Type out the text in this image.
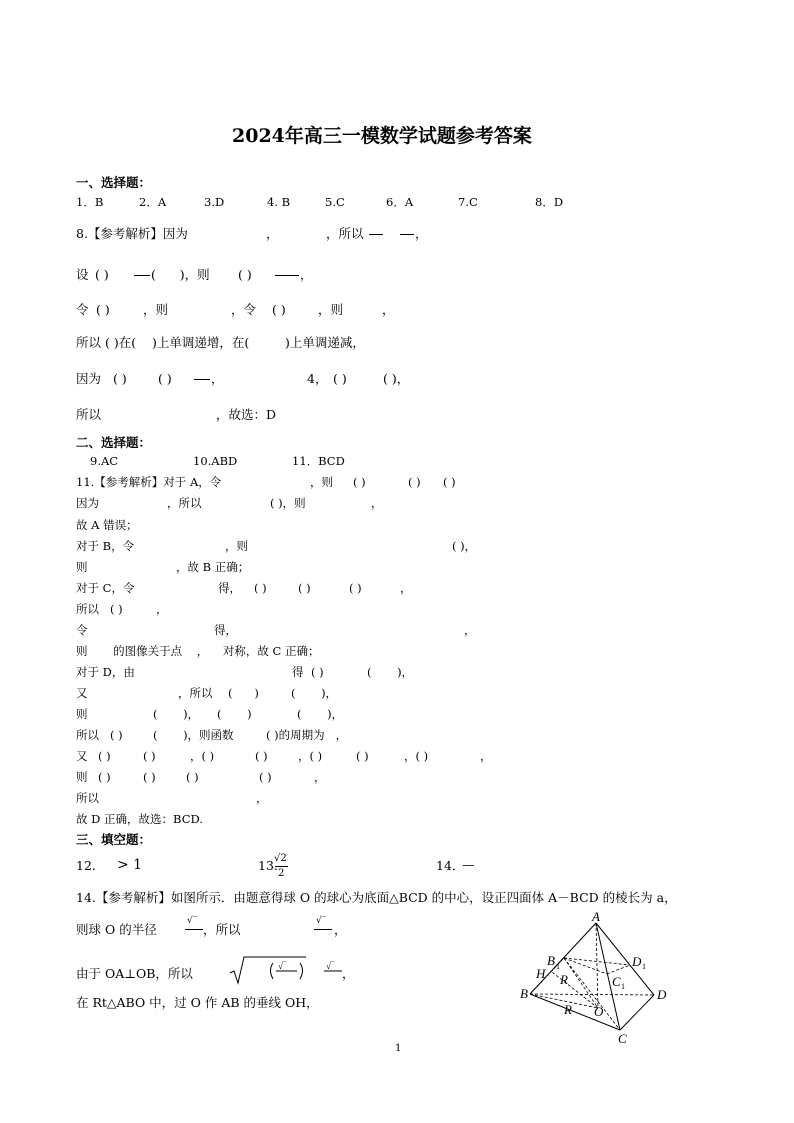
2024年高三一模数学试题参考答案
一、选择题：
1．B	2．A	3.D	4. B	5.C	6．A	7.C	8．D
8.【参考解析】因为	，	，所以	，
设 ( )	(      )，则 ( )	，
令 ( )	，则	，令 ( )	，则	，
所以 ( )在(    )上单调递增，在(         )上单调递减，
因为 ( )	( )	，	4， ( )	( )，
所以	，故选：D
二、选择题：
9.AC	10.ABD	11．BCD
11.【参考解析】对于 A，令	，则 ( )	( ) ( )
因为	，所以	( )，则	，
故 A 错误；
对于 B，令	，则	( )，
则	，故 B 正确；
对于 C，令	得， ( )	( )	( )	，
所以 ( )	，
令	得，	，
则       的图像关于点    ，    对称，故 C 正确；
对于 D，由	得 ( )	(       )，
又	，所以 (      )	(       )，
则	(       )， (       )	(       )，
所以 ( )	(       )，则函数	( )的周期为   ，
又 ( )	( )	，( )	( )	，( )	( )	，( )	，
则 ( )	( )	( )	( )	，
所以	，
故 D 正确，故选：BCD.
三、填空题：
12． > 1	13.
√2
2
14．
—
14.【参考解析】如图所示．由题意得球 O 的球心为底面△BCD 的中心，设正四面体 A－BCD 的棱长为 a，
则球 O 的半径
√‾
，所以
√‾
，
由于 OA⊥OB，所以	√‾	√‾ ，
在 Rt△ABO 中，过 O 作 AB 的垂线 OH，
A
B 1	D 1
C 1
H R
R
B	D
O
C
1
